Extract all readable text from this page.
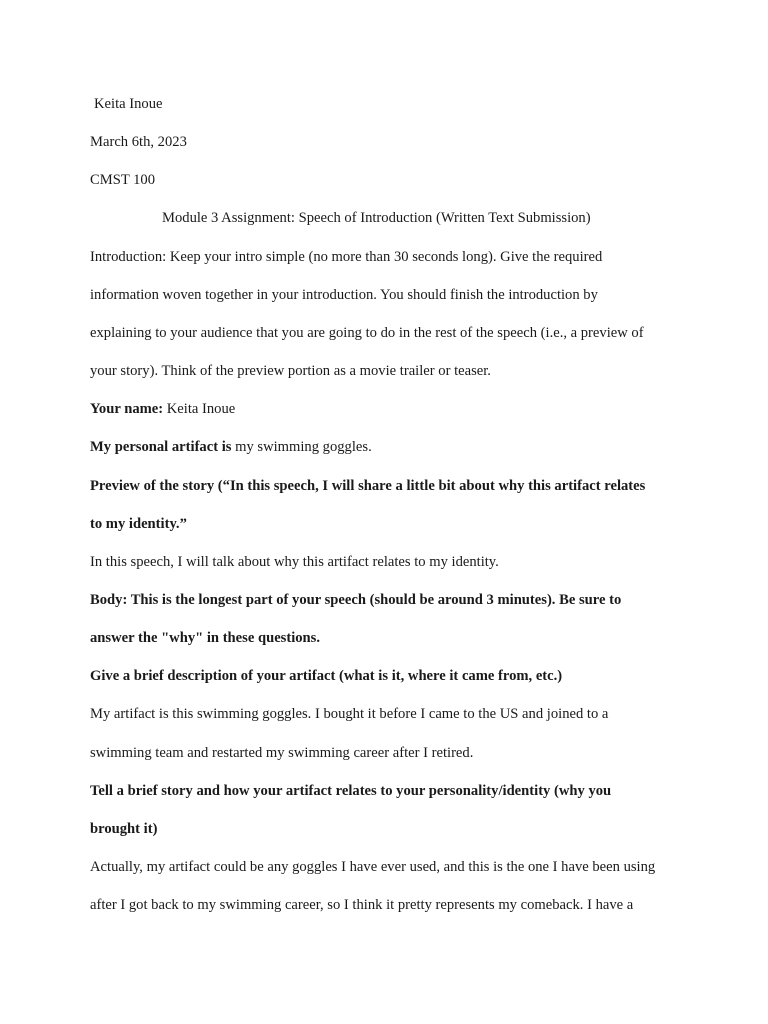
Keita Inoue
March 6th, 2023
CMST 100
Module 3 Assignment: Speech of Introduction (Written Text Submission)
Introduction: Keep your intro simple (no more than 30 seconds long). Give the required
information woven together in your introduction. You should finish the introduction by
explaining to your audience that you are going to do in the rest of the speech (i.e., a preview of
your story). Think of the preview portion as a movie trailer or teaser.
Your name: Keita Inoue
My personal artifact is my swimming goggles.
Preview of the story (“In this speech, I will share a little bit about why this artifact relates
to my identity.”
In this speech, I will talk about why this artifact relates to my identity.
Body: This is the longest part of your speech (should be around 3 minutes). Be sure to
answer the "why" in these questions.
Give a brief description of your artifact (what is it, where it came from, etc.)
My artifact is this swimming goggles. I bought it before I came to the US and joined to a
swimming team and restarted my swimming career after I retired.
Tell a brief story and how your artifact relates to your personality/identity (why you
brought it)
Actually, my artifact could be any goggles I have ever used, and this is the one I have been using
after I got back to my swimming career, so I think it pretty represents my comeback. I have a
